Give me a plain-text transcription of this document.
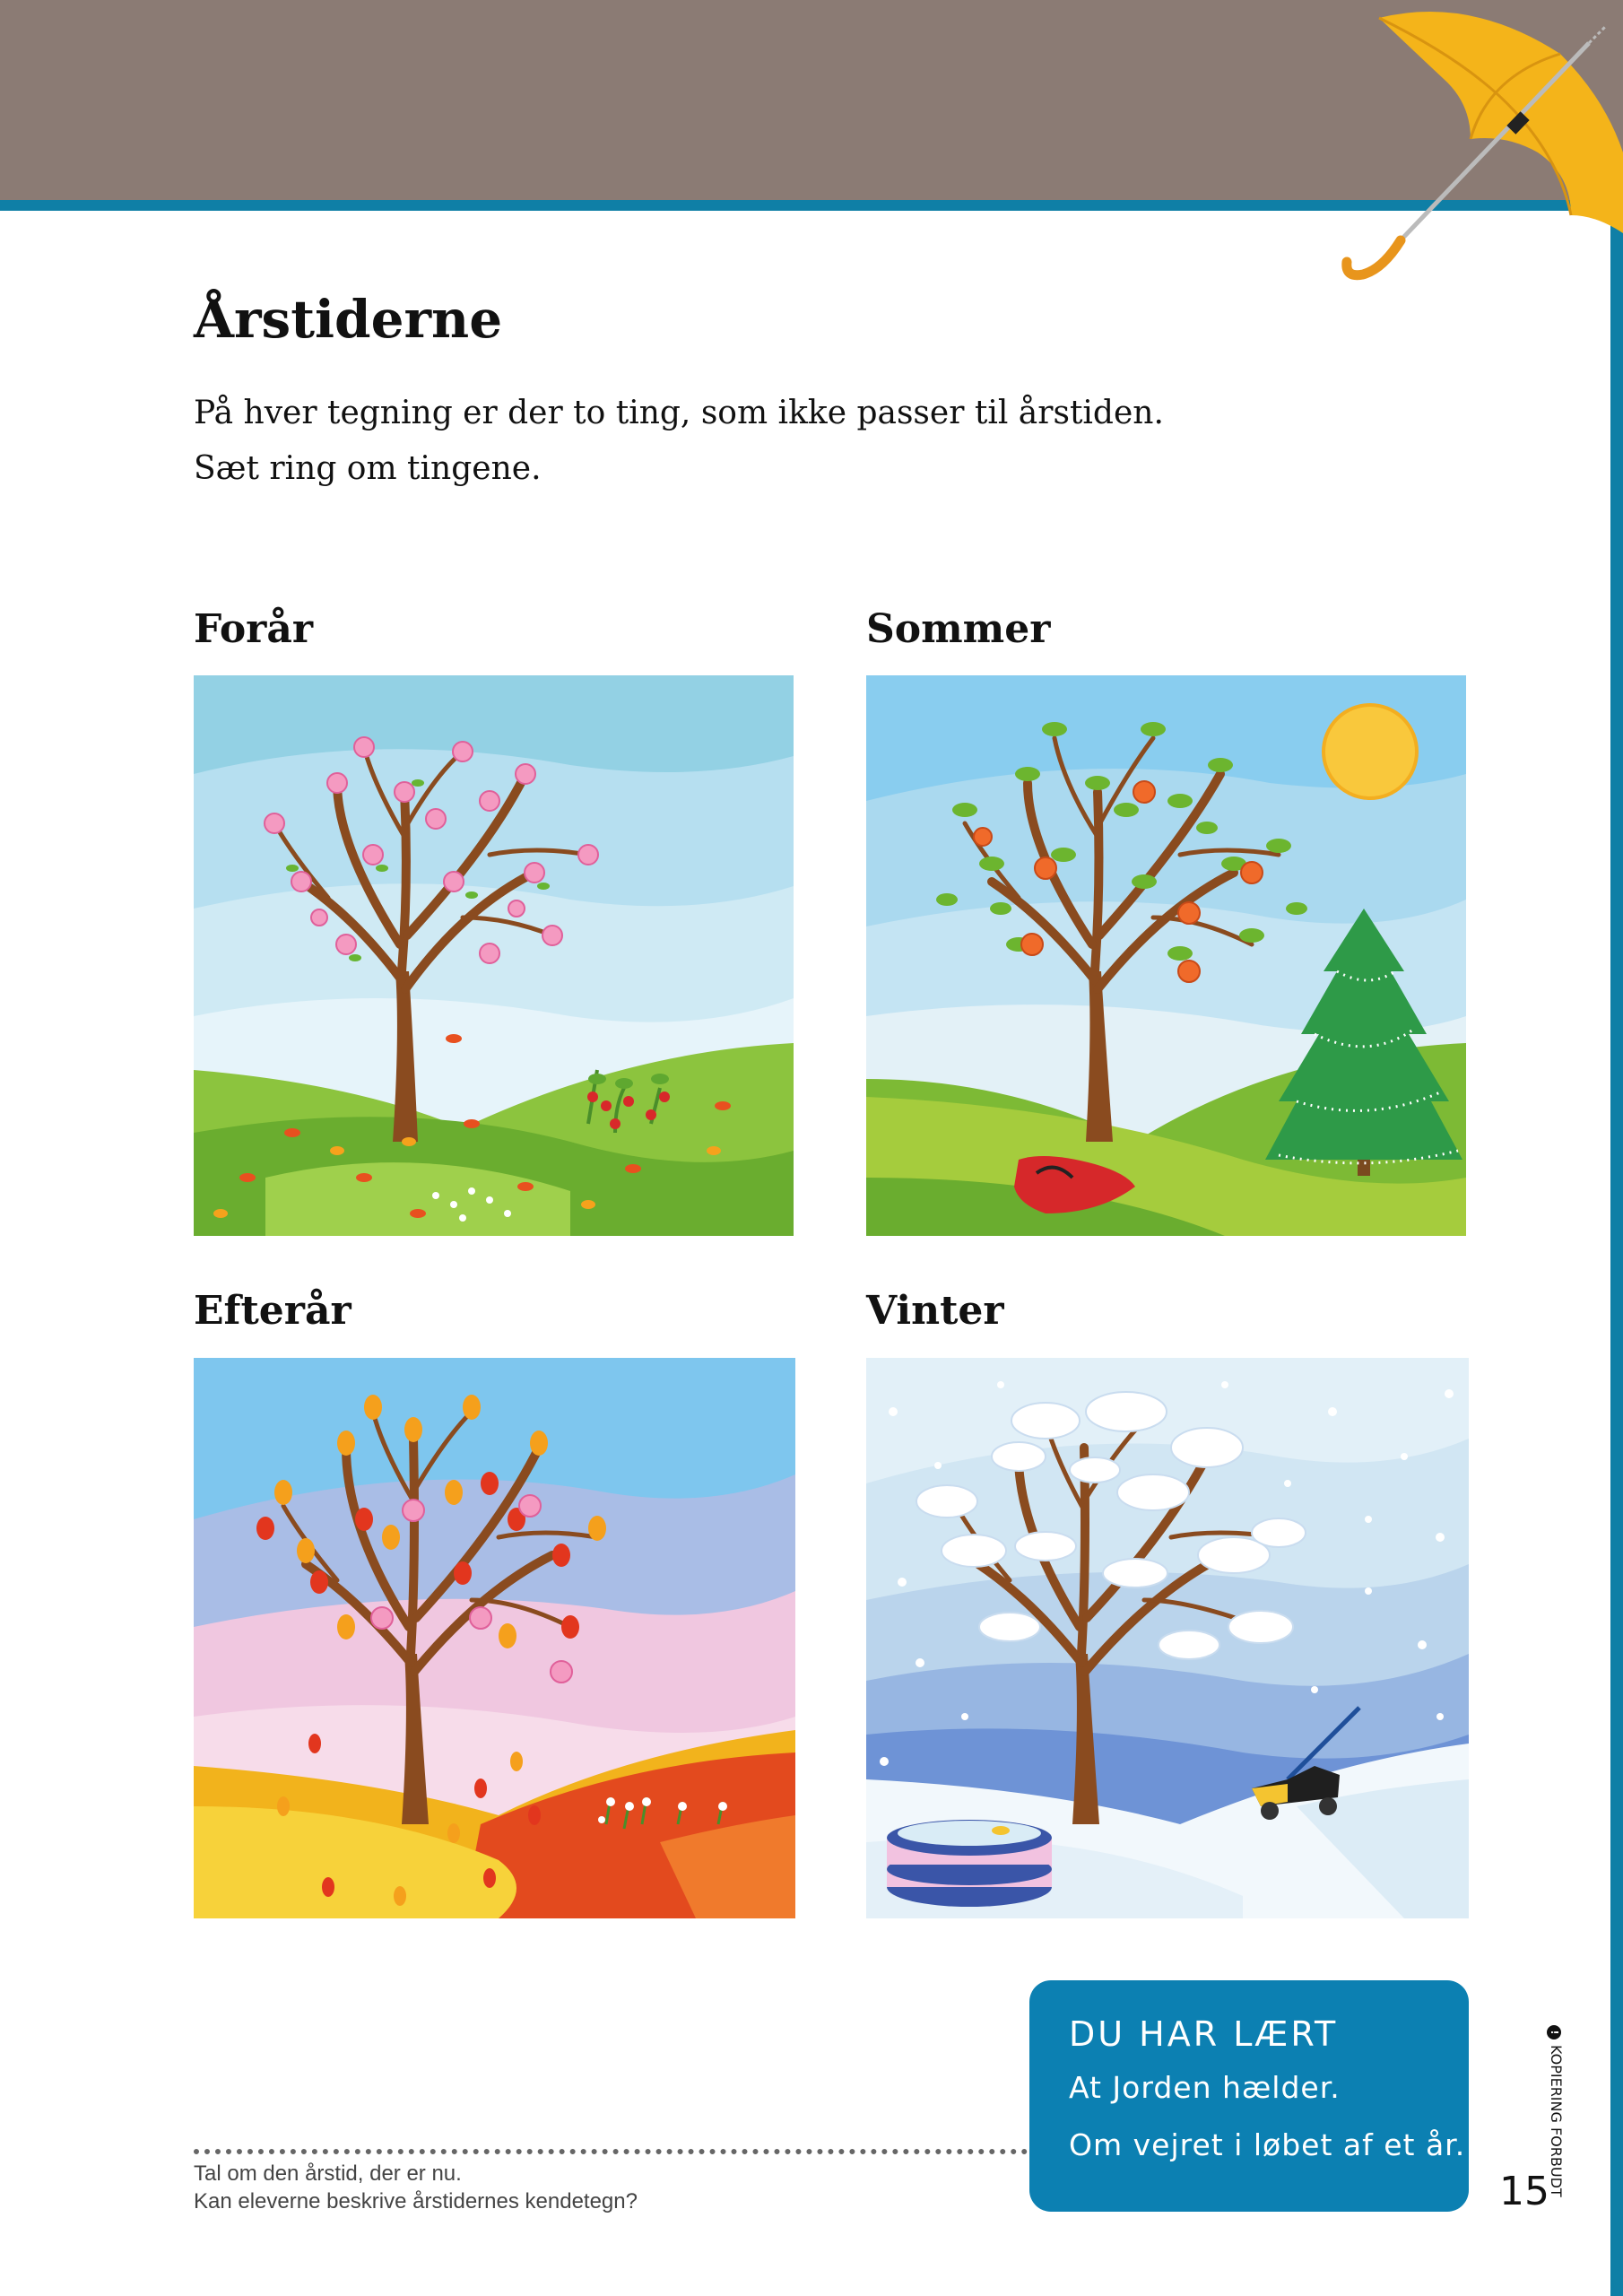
Årstiderne
På hver tegning er der to ting, som ikke passer til årstiden.
Sæt ring om tingene.
Forår	Sommer
Efterår	Vinter
DU HAR LÆRT
At Jorden hælder.
Om vejret i løbet af et år.
Tal om den årstid, der er nu.
Kan eleverne beskrive årstidernes kendetegn?	15
!KOPIERING FORBUDT
